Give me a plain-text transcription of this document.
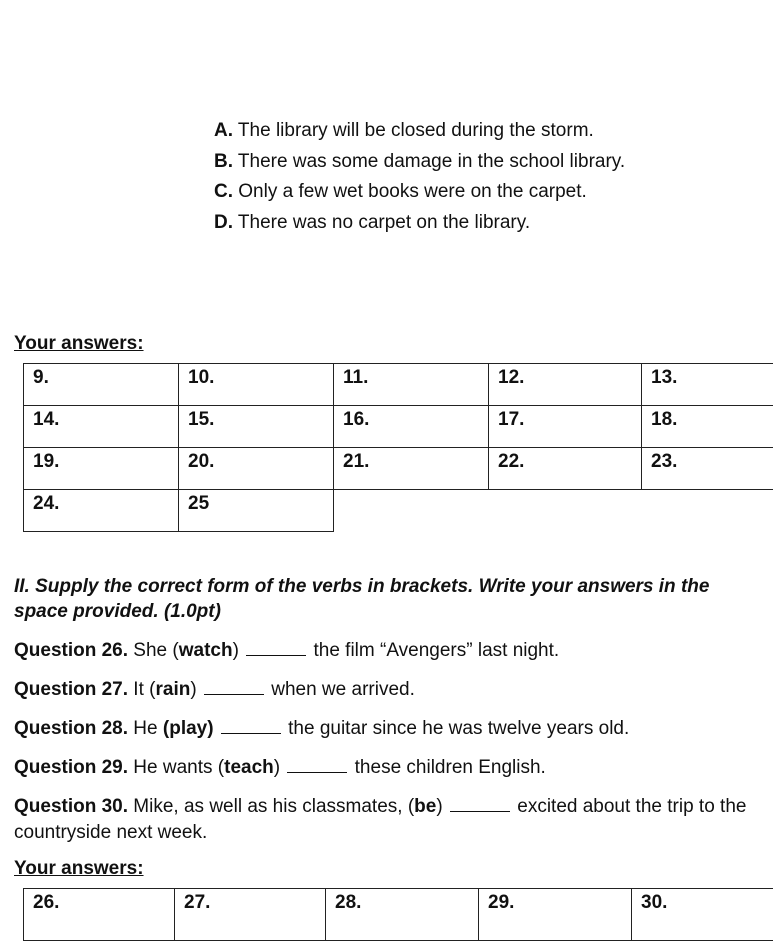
A. The library will be closed during the storm.
B. There was some damage in the school library.
C. Only a few wet books were on the carpet.
D. There was no carpet on the library.
Your answers:
9.	10.	11.	12.	13.
14.	15.	16.	17.	18.
19.	20.	21.	22.	23.
24.	25			
II. Supply the correct form of the verbs in brackets. Write your answers in the space provided. (1.0pt)
Question 26. She (watch)	the film “Avengers” last night.
Question 27. It (rain)	when we arrived.
Question 28. He (play)	the guitar since he was twelve years old.
Question 29. He wants (teach)	these children English.
Question 30. Mike, as well as his classmates, (be)	excited about the trip to the countryside next week.
Your answers:
26.	27.	28.	29.	30.
